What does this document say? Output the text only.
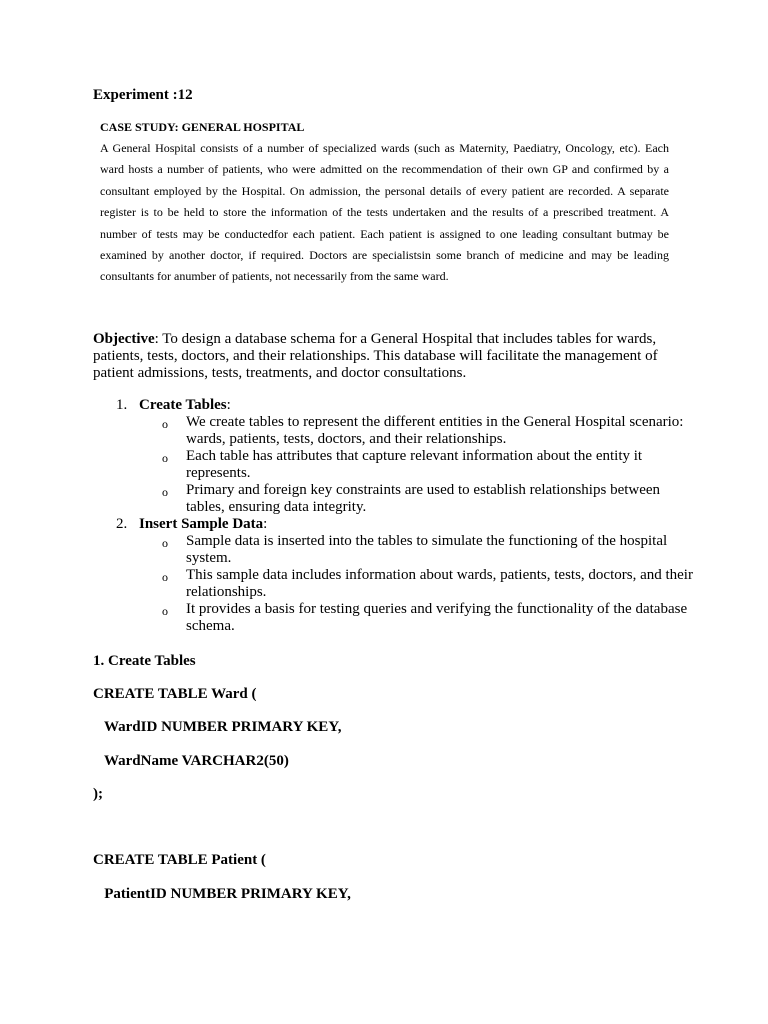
Experiment :12

CASE STUDY: GENERAL HOSPITAL

A General Hospital consists of a number of specialized wards (such as Maternity, Paediatry, Oncology, etc). Each ward hosts a number of patients, who were admitted on the recommendation of their own GP and confirmed by a consultant employed by the Hospital. On admission, the personal details of every patient are recorded. A separate register is to be held to store the information of the tests undertaken and the results of a prescribed treatment. A number of tests may be conductedfor each patient. Each patient is assigned to one leading consultant butmay be examined by another doctor, if required. Doctors are specialistsin some branch of medicine and may be leading consultants for anumber of patients, not necessarily from the same ward.

Objective: To design a database schema for a General Hospital that includes tables for wards, patients, tests, doctors, and their relationships. This database will facilitate the management of patient admissions, tests, treatments, and doctor consultations.

1. Create Tables:
o We create tables to represent the different entities in the General Hospital scenario: wards, patients, tests, doctors, and their relationships.
o Each table has attributes that capture relevant information about the entity it represents.
o Primary and foreign key constraints are used to establish relationships between tables, ensuring data integrity.
2. Insert Sample Data:
o Sample data is inserted into the tables to simulate the functioning of the hospital system.
o This sample data includes information about wards, patients, tests, doctors, and their relationships.
o It provides a basis for testing queries and verifying the functionality of the database schema.

1. Create Tables

CREATE TABLE Ward (

WardID NUMBER PRIMARY KEY,

WardName VARCHAR2(50)

);

CREATE TABLE Patient (

PatientID NUMBER PRIMARY KEY,
